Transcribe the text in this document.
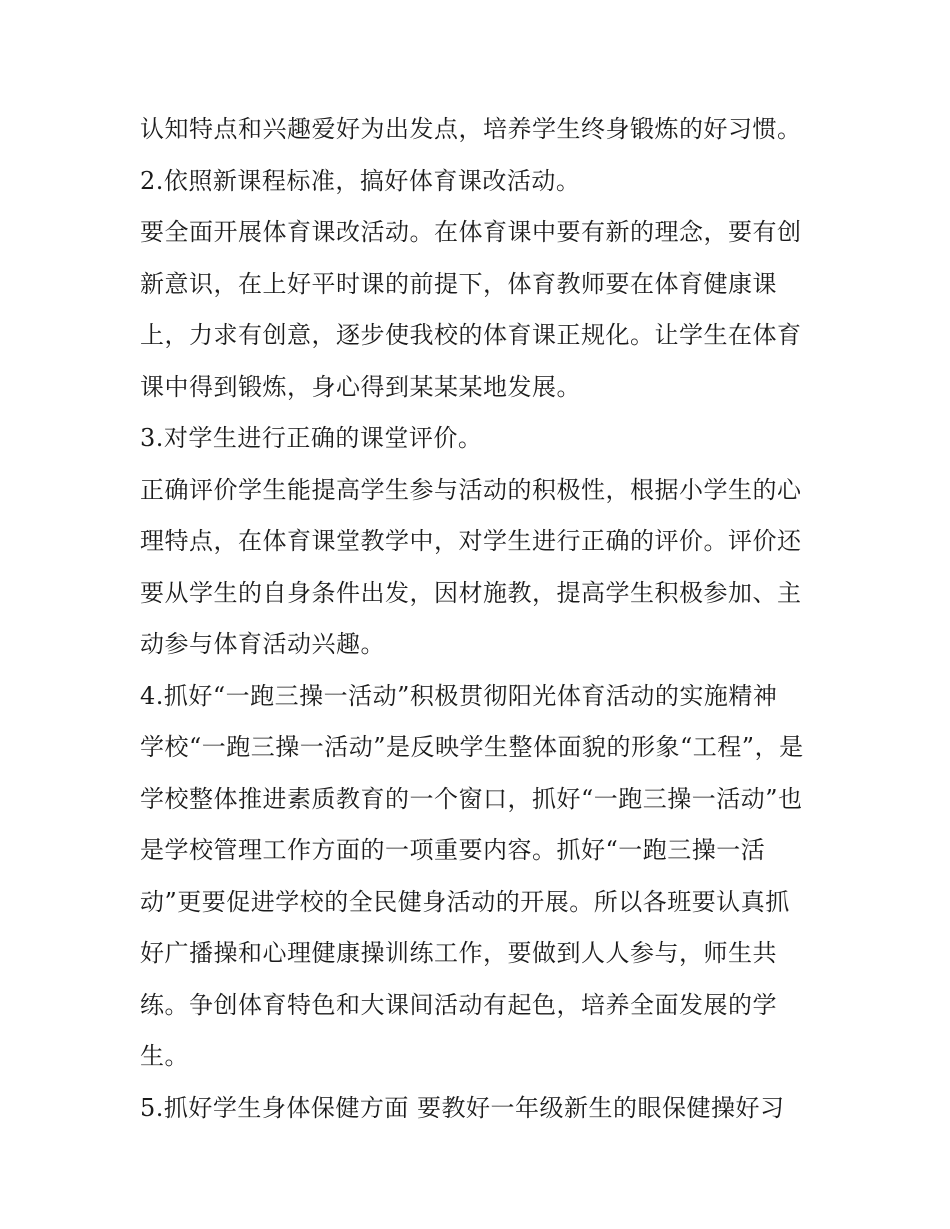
认知特点和兴趣爱好为出发点，培养学生终身锻炼的好习惯。
2.依照新课程标准，搞好体育课改活动。
要全面开展体育课改活动。在体育课中要有新的理念，要有创
新意识，在上好平时课的前提下，体育教师要在体育健康课
上，力求有创意，逐步使我校的体育课正规化。让学生在体育
课中得到锻炼，身心得到某某某地发展。
3.对学生进行正确的课堂评价。
正确评价学生能提高学生参与活动的积极性，根据小学生的心
理特点，在体育课堂教学中，对学生进行正确的评价。评价还
要从学生的自身条件出发，因材施教，提高学生积极参加、主
动参与体育活动兴趣。
4.抓好“一跑三操一活动”积极贯彻阳光体育活动的实施精神
学校“一跑三操一活动”是反映学生整体面貌的形象“工程”，是
学校整体推进素质教育的一个窗口，抓好“一跑三操一活动”也
是学校管理工作方面的一项重要内容。抓好“一跑三操一活
动”更要促进学校的全民健身活动的开展。所以各班要认真抓
好广播操和心理健康操训练工作，要做到人人参与，师生共
练。争创体育特色和大课间活动有起色，培养全面发展的学
生。
5.抓好学生身体保健方面 要教好一年级新生的眼保健操好习
